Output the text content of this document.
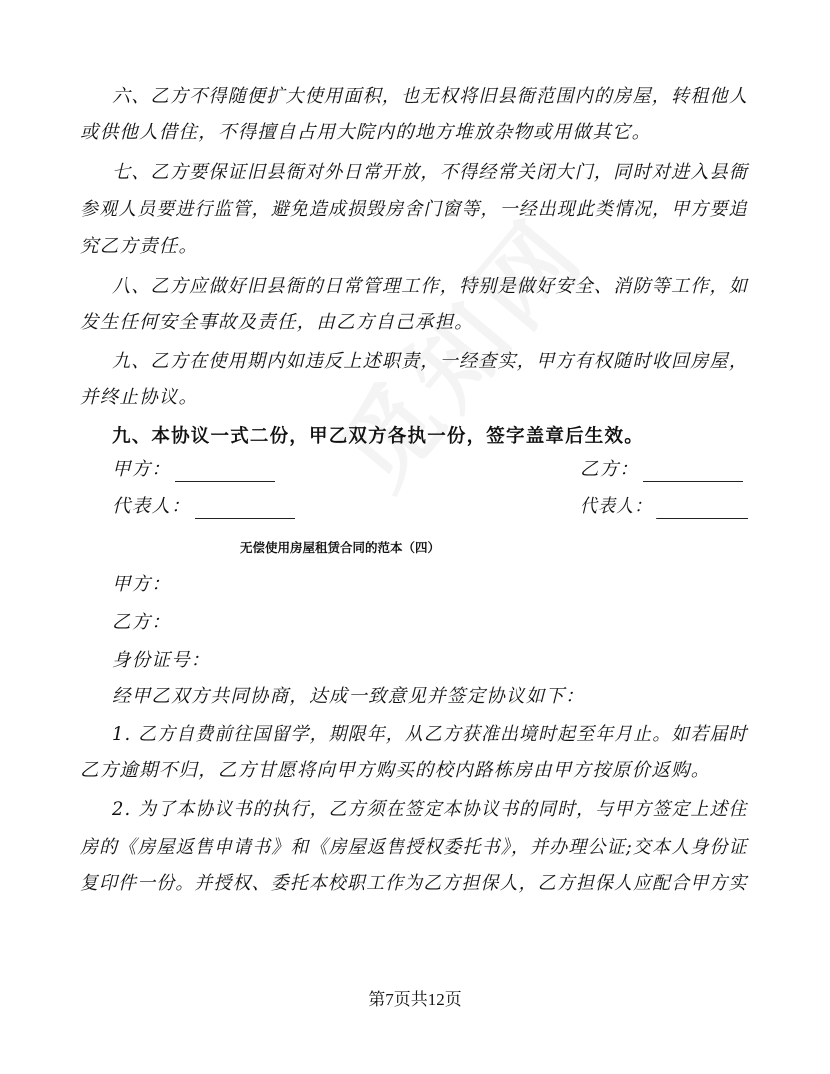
六、乙方不得随便扩大使用面积，也无权将旧县衙范围内的房屋，转租他人
或供他人借住，不得擅自占用大院内的地方堆放杂物或用做其它。
七、乙方要保证旧县衙对外日常开放，不得经常关闭大门，同时对进入县衙
参观人员要进行监管，避免造成损毁房舍门窗等，一经出现此类情况，甲方要追
究乙方责任。
八、乙方应做好旧县衙的日常管理工作，特别是做好安全、消防等工作，如
发生任何安全事故及责任，由乙方自己承担。
九、乙方在使用期内如违反上述职责，一经查实，甲方有权随时收回房屋，
并终止协议。
九、本协议一式二份，甲乙双方各执一份，签字盖章后生效。
甲方：	乙方：
代表人：	代表人：
无偿使用房屋租赁合同的范本（四）
甲方：
乙方：
身份证号：
经甲乙双方共同协商，达成一致意见并签定协议如下：
1. 乙方自费前往国留学，期限年，从乙方获准出境时起至年月止。如若届时
乙方逾期不归，乙方甘愿将向甲方购买的校内路栋房由甲方按原价返购。
2. 为了本协议书的执行，乙方须在签定本协议书的同时，与甲方签定上述住
房的《房屋返售申请书》和《房屋返售授权委托书》，并办理公证;交本人身份证
复印件一份。并授权、委托本校职工作为乙方担保人，乙方担保人应配合甲方实
第7页共12页
